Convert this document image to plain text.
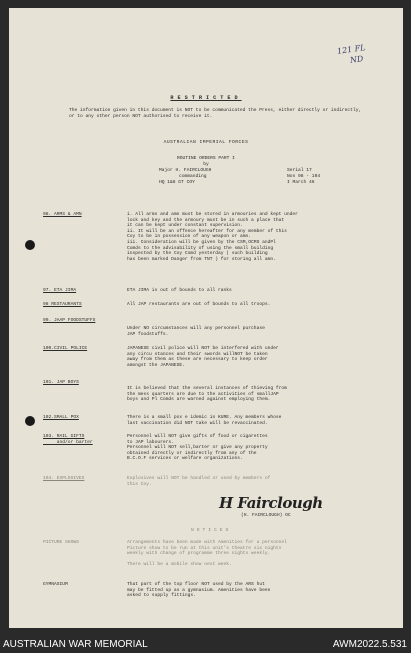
121 FL
ND
RESTRICTED
The information given in this document is NOT to be communicated the Press, either directly or indirectly, or to any other person NOT authorised to receive it.
AUSTRALIAN IMPERIAL FORCES
ROUTINE ORDERS PART I
by
Major H. FAIRCLOUGH
commanding
HQ 1&8 GT COY
Serial 17
Nos 98 - 104
I March 46
98. ARMS & AMN	i. All arms and amn must be stored in armouries and kept under
lock and key and the armoury must be in such a place that
it can be kept under constant supervision.
ii. It will be an offence hereafter for any member of this
Coy to be in possession of any weapon or amn.
iii. Consideration will be given by the CSM,OCMS andPl
Comds to the advisability of using the small building
inspected by the Coy Comd yesterday ( such building
has been marked Danger from TNT ) for storing all amn.
97. ETA JIMA	ETA JIMA is out of bounds to all ranks
98 RESTAURANTS	All JAP restaurants are out of bounds to all troops.
99. JAAP FOODSTUFFS
Under NO circumstances will any personnel purchase
JAP foodstuffs.
100.CIVIL POLICE	JAPANESE civil police will NOT be interfered with under
any circu stances and their swords willNOT be taken
away from them as these are necessary to keep order
amongst the JAPANESE.
101. JAP BOYS
It is believed that the several instances of thieving from
the mess quarters are due to the activities of smallJAP
boys and Pl Comds are warned against employing them.
102.SMALL POX	There is a small pox e idemic in KURE. Any members whose
last vaccination did NOT take will be revaccinated.
103. RAIL GIFTS
and/or barter
Personnel will NOT give gifts of food or cigarettes
to JAP labourers.
Personnel will NOT sell,barter or give any property
obtained directly or indirectly from any of the
B.C.O.F services or welfare organizations.
104. EXPLOSIVES	Explosives will NOT be handled or used by members of
this Coy.
H Fairclough
(H. FAIRCLOUGH) OC
NOTICES
PICTURE SHOWS	Arrangements have been made with Amenities for a personnel
Picture show to be run at this unit's theatre six nights
weekly with change of programme three nights weekly.
There will be a mobile show next week.
GYMNASIUM	That part of the top floor NOT used by the ARS hut
may be fitted up as a gymnasium. Amenities have been
asked to supply fittings.
AUSTRALIAN WAR MEMORIAL	AWM2022.5.531
